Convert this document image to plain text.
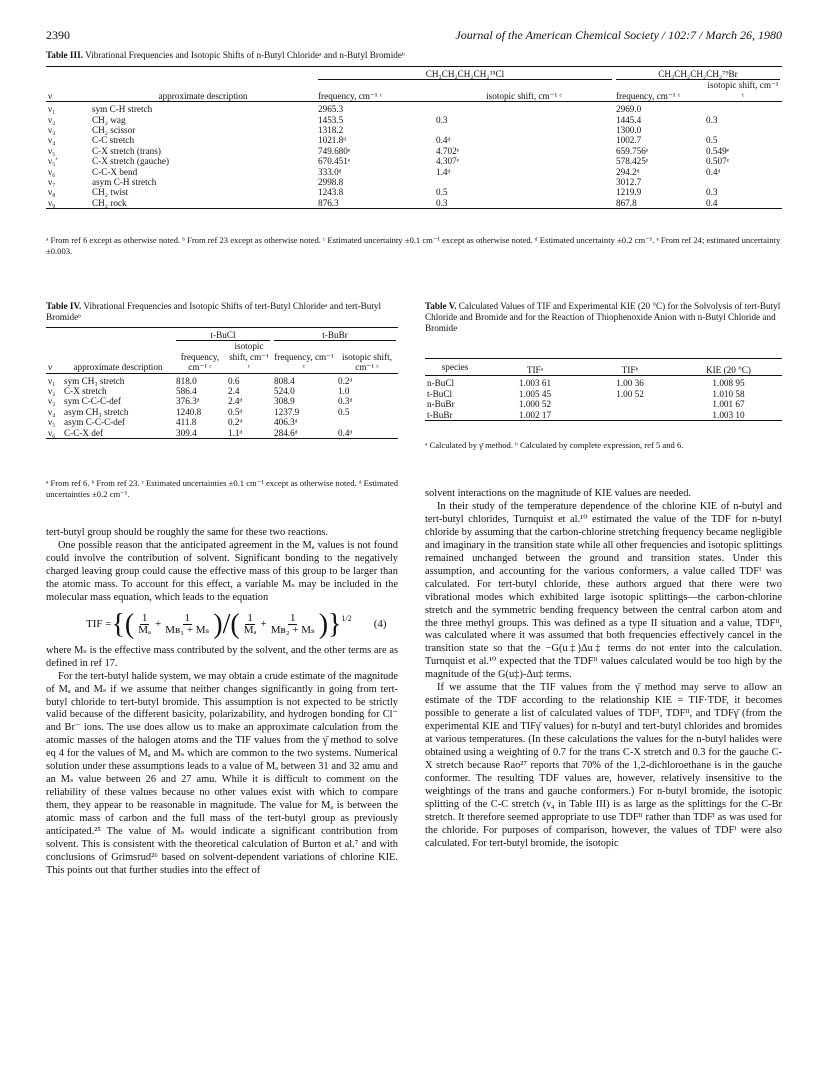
2390	Journal of the American Chemical Society / 102:7 / March 26, 1980
Table III. Vibrational Frequencies and Isotopic Shifts of n-Butyl Chlorideᵃ and n-Butyl Bromideᵇ

		CH₃CH₂CH₂CH₂³⁵Cl		CH₃CH₂CH₂CH₂⁷⁹Br	

ν	approximate description	frequency, cm⁻¹ ᶜ	isotopic shift, cm⁻¹ ᶜ	frequency, cm⁻¹ ᶜ	isotopic shift, cm⁻¹ ᶜ
ν₁	sym C-H stretch	2965.3		2969.0	
ν₂	CH₂ wag	1453.5	0.3	1445.4	0.3
ν₃	CH₂ scissor	1318.2		1300.0	
ν₄	C-C stretch	1021.8ᵈ	0.4ᵈ	1002.7	0.5
ν₅	C-X stretch (trans)	749.680ᵉ	4.702ᵉ	659.756ᵉ	0.549ᵉ
ν₅ʹ	C-X stretch (gauche)	670.451ᵉ	4.307ᵉ	578.425ᵉ	0.507ᵉ
ν₆	C-C-X bend	333.0ᵈ	1.4ᵈ	294.2ᵈ	0.4ᵈ
ν₇	asym C-H stretch	2998.8		3012.7	
ν₈	CH₂ twist	1243.8	0.5	1219.9	0.3
ν₉	CH₂ rock	876.3	0.3	867.8	0.4
ᵃ From ref 6 except as otherwise noted. ᵇ From ref 23 except as otherwise noted. ᶜ Estimated uncertainty ±0.1 cm⁻¹ except as otherwise noted. ᵈ Estimated uncertainty ±0.2 cm⁻¹. ᵉ From ref 24; estimated uncertainty ±0.003.
Table IV. Vibrational Frequencies and Isotopic Shifts of tert-Butyl Chlorideᵃ and tert-Butyl Bromideᵇ

		t-BuCl		t-BuBr	

ν	approximate description	frequency, cm⁻¹ ᶜ	isotopic shift, cm⁻¹ ᶜ	frequency, cm⁻¹ ᶜ	isotopic shift, cm⁻¹ ᶜ
ν₁	sym CH₃ stretch	818.0	0.6	808.4	0.2ᵈ
ν₂	C-X stretch	586.4	2.4	524.0	1.0
ν₃	sym C-C-C-def	376.3ᵈ	2.4ᵈ	308.9	0.3ᵈ
ν₄	asym CH₃ stretch	1240.8	0.5ᵈ	1237.9	0.5
ν₅	asym C-C-C-def	411.8	0.2ᵈ	406.3ᵈ	
ν₆	C-C-X def	309.4	1.1ᵈ	284.6ᵈ	0.4ᵈ
ᵃ From ref 6. ᵇ From ref 23. ᶜ Estimated uncertainties ±0.1 cm⁻¹ except as otherwise noted. ᵈ Estimated uncertainties ±0.2 cm⁻¹.
Table V. Calculated Values of TIF and Experimental KIE (20 °C) for the Solvolysis of tert-Butyl Chloride and Bromide and for the Reaction of Thiophenoxide Anion with n-Butyl Chloride and Bromide
species	TIFᵃ	TIFᵇ	KIE (20 °C)
n-BuCl	1.003 61	1.00 36	1.008 95
t-BuCl	1.005 45	1.00 52	1.010 58
n-BuBr	1.000 52		1.001 67
t-BuBr	1.002 17		1.003 10
ᵃ Calculated by γ̄ method. ᵇ Calculated by complete expression, ref 5 and 6.

tert-butyl group should be roughly the same for these two reactions.

One possible reason that the anticipated agreement in the Mₐ values is not found could involve the contribution of solvent. Significant bonding to the negatively charged leaving group could cause the effective mass of this group to be larger than the atomic mass. To account for this effect, a variable Mₛ may be included in the molecular mass equation, which leads to the equation

TIF = { ( $\frac{1}{\text{Mₐ}} + \frac{1}{\text{Mʙ₁ + Mₛ}}$ ) / ( $\frac{1}{\text{Mₐ}} + \frac{1}{\text{Mʙ₂ + Mₛ}}$ ) }$^{1/2}$
(4)

where Mₛ is the effective mass contributed by the solvent, and the other terms are as defined in ref 17.

For the tert-butyl halide system, we may obtain a crude estimate of the magnitude of Mₐ and Mₛ if we assume that neither changes significantly in going from tert-butyl chloride to tert-butyl bromide. This assumption is not expected to be strictly valid because of the different basicity, polarizability, and hydrogen bonding for Cl⁻ and Br⁻ ions. The use does allow us to make an approximate calculation from the atomic masses of the halogen atoms and the TIF values from the γ̄ method to solve eq 4 for the values of Mₐ and Mₛ which are common to the two systems. Numerical solution under these assumptions leads to a value of Mₐ between 31 and 32 amu and an Mₛ value between 26 and 27 amu. While it is difficult to comment on the reliability of these values because no other values exist with which to compare them, they appear to be reasonable in magnitude. The value for Mₐ is between the atomic mass of carbon and the full mass of the tert-butyl group as previously anticipated.²⁵ The value of Mₛ would indicate a significant contribution from solvent. This is consistent with the theoretical calculation of Burton et al.⁷ and with conclusions of Grimsrud²⁶ based on solvent-dependent variations of chlorine KIE. This points out that further studies into the effect of

solvent interactions on the magnitude of KIE values are needed.

In their study of the temperature dependence of the chlorine KIE of n-butyl and tert-butyl chlorides, Turnquist et al.¹⁰ estimated the value of the TDF for n-butyl chloride by assuming that the carbon-chlorine stretching frequency became negligible and imaginary in the transition state while all other frequencies and isotopic splittings remained unchanged between the ground and transition states. Under this assumption, and accounting for the various conformers, a value called TDFᴵ was calculated. For tert-butyl chloride, these authors argued that there were two vibrational modes which exhibited large isotopic splittings—the carbon-chlorine stretch and the symmetric bending frequency between the central carbon atom and the three methyl groups. This was defined as a type II situation and a value, TDFᴵᴵ, was calculated where it was assumed that both frequencies effectively cancel in the transition state so that the −G(u‡)Δu‡ terms do not enter into the calculation. Turnquist et al.¹⁰ expected that the TDFᴵᴵ values calculated would be too high by the magnitude of the G(u‡)-Δu‡ terms.

If we assume that the TIF values from the γ̄ method may serve to allow an estimate of the TDF according to the relationship KIE = TIF·TDF, it becomes possible to generate a list of calculated values of TDFᴵ, TDFᴵᴵ, and TDFγ̄ (from the experimental KIE and TIFγ̄ values) for n-butyl and tert-butyl chlorides and bromides at various temperatures. (In these calculations the values for the n-butyl halides were obtained using a weighting of 0.7 for the trans C-X stretch and 0.3 for the gauche C-X stretch because Rao²⁷ reports that 70% of the 1,2-dichloroethane is in the gauche conformer. The resulting TDF values are, however, relatively insensitive to the weightings of the trans and gauche conformers.) For n-butyl bromide, the isotopic splitting of the C-C stretch (ν₄ in Table III) is as large as the splittings for the C-Br stretch. It therefore seemed appropriate to use TDFᴵᴵ rather than TDFᴵ as was used for the chloride. For purposes of comparison, however, the values of TDFᴵ were also calculated. For tert-butyl bromide, the isotopic
